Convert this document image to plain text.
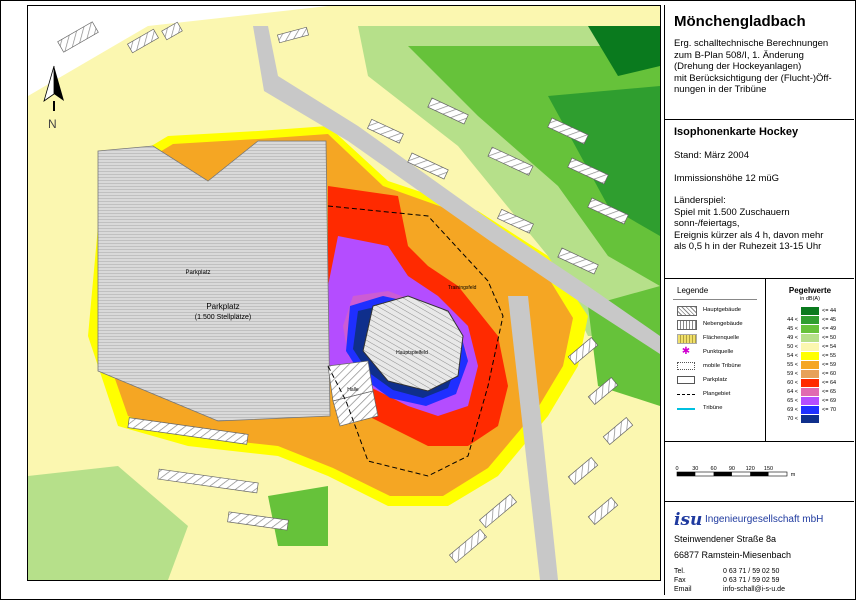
N
Parkplatz
Parkplatz
(1.500 Stellplätze)
Trainingsfeld
Hauptspielfeld
Halle
Mönchengladbach
Erg. schalltechnische Berechnungen
zum B-Plan 508/I, 1. Änderung
(Drehung der Hockeyanlagen)
mit Berücksichtigung der (Flucht-)Öff-
nungen in der Tribüne
Isophonenkarte Hockey
Stand: März 2004
Immissionshöhe 12 müG
Länderspiel:
Spiel mit 1.500 Zuschauern
sonn-/feiertags,
Ereignis kürzer als 4 h, davon mehr
als 0,5 h in der Ruhezeit 13-15 Uhr
Legende
Hauptgebäude
Nebengebäude
Flächenquelle
✱	Punktquelle
mobile Tribüne
Parkplatz
Plangebiet
Tribüne
Pegelwerte
in dB(A)
<= 44
44 <	<= 45
45 <	<= 49
49 <	<= 50
50 <	<= 54
54 <	<= 55
55 <	<= 59
59 <	<= 60
60 <	<= 64
64 <	<= 65
65 <	<= 69
69 <	<= 70
70 <
0 30 60 90 120 150
m
isu Ingenieurgesellschaft mbH
Steinwendener Straße 8a
66877 Ramstein-Miesenbach
Tel.	0 63 71 / 59 02 50
Fax	0 63 71 / 59 02 59
Email	info-schall@i-s-u.de
